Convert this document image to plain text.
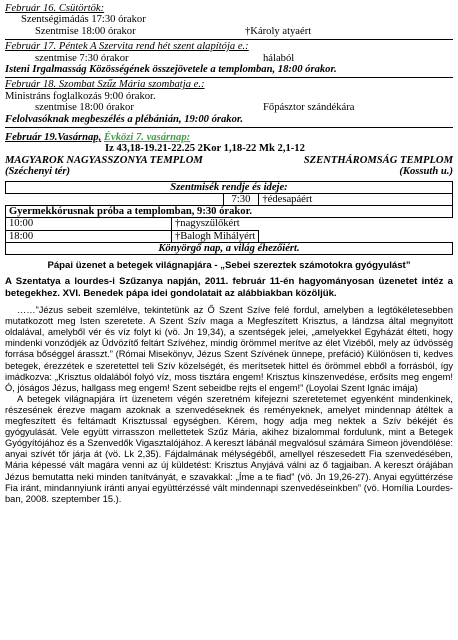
Február 16. Csütörtök:
Szentségimádás 17:30 órakor
Szentmise 18:00 órakor	†Károly atyaért

Február 17. Péntek A Szervita rend hét szent alapítója e.:
szentmise 7:30 órakor	hálaból

Isteni Irgalmasság Közösségének összejövetele a templomban, 18:00 órakor.
Február 18. Szombat Szűz Mária szombatja e.:
Ministráns foglalkozás 9:00 órakor.
szentmise 18:00 órakor	Főpásztor szándékára

Felolvasóknak megbeszélés a plébánián, 19:00 órakor.
Február 19.Vasárnap, Évközi 7. vasárnap:
Iz 43,18-19.21-22.25 2Kor 1,18-22 Mk 2,1-12
MAGYAROK NAGYASSZONYA TEMPLOM	SZENTHÁROMSÁG TEMPLOM
(Széchenyi tér)	(Kossuth u.)
Szentmisék rendje és ideje:			
		7:30	†édesapáért
Gyermekkórusnak próba a templomban, 9:30 órakor.			
10:00	†nagyszülőkért		
18:00	†Balogh Mihályért		
Könyörgő nap, a világ éhezőiért.			
Pápai üzenet a betegek világnapjára - „Sebei szereztek számotokra gyógyulást”
A Szentatya a lourdes-i Szűzanya napján, 2011. február 11-én hagyományosan üzenetet intéz a betegekhez. XVI. Benedek pápa idei gondolatait az alábbiakban közöljük.

……”Jézus sebeit szemlélve, tekintetünk az Ő Szent Szíve felé fordul, amelyben a legtökéletesebben mutatkozott meg Isten szeretete. A Szent Szív maga a Megfeszített Krisztus, a lándzsa által megnyitott oldalával, amelyből vér és víz folyt ki (vö. Jn 19,34), a szentségek jelei, „amelyekkel Egyházát élteti, hogy mindenki vonzódjék az Üdvözítő feltárt Szívéhez, mindig örömmel merítve az élet Vizéből, mely az üdvösség forrása bőséggel árasszt.” (Római Misekönyv, Jézus Szent Szívének ünnepe, prefáció) Különösen ti, kedves betegek, érezzétek e szeretettel teli Szív közelségét, és merítsetek hittel és örömmel ebből a forrásból, így imádkozva: „Krisztus oldalából folyó víz, moss tisztára engem! Krisztus kínszenvedése, erősíts meg engem! Ó, jóságos Jézus, hallgass meg engem! Szent sebeidbe rejts el engem!” (Loyolai Szent Ignác imája)

A betegek világnapjára írt üzenetem végén szeretném kifejezni szeretetemet egyenként mindenkinek, részesének érezve magam azoknak a szenvedéseknek és reményeknek, amelyet mindennap átéltek a megfeszített és feltámadt Krisztussal egységben. Kérem, hogy adja meg nektek a Szív békéjét és gyógyulását. Vele együtt virrasszon mellettetek Szűz Mária, akihez bizalommal fordulunk, mint a Betegek Gyógyítójához és a Szenvedők Vigasztalójához. A kereszt lábánál megvalósul számára Simeon jövendölése: anyai szívét tőr járja át (vö. Lk 2,35). Fájdalmának mélységéből, amellyel részesedett Fia szenvedésében, Mária képessé vált magára venni az új küldetést: Krisztus Anyjává válni az ő tagjaiban. A kereszt órájában Jézus bemutatta neki minden tanítványát, e szavakkal: „Íme a te fiad” (vö. Jn 19,26-27). Anyai együttérzése Fia iránt, mindannyiunk iránti anyai együttérzéssé vált mindennapi szenvedéseinkben” (vö. Homília Lourdes-ban, 2008. szeptember 15.).
